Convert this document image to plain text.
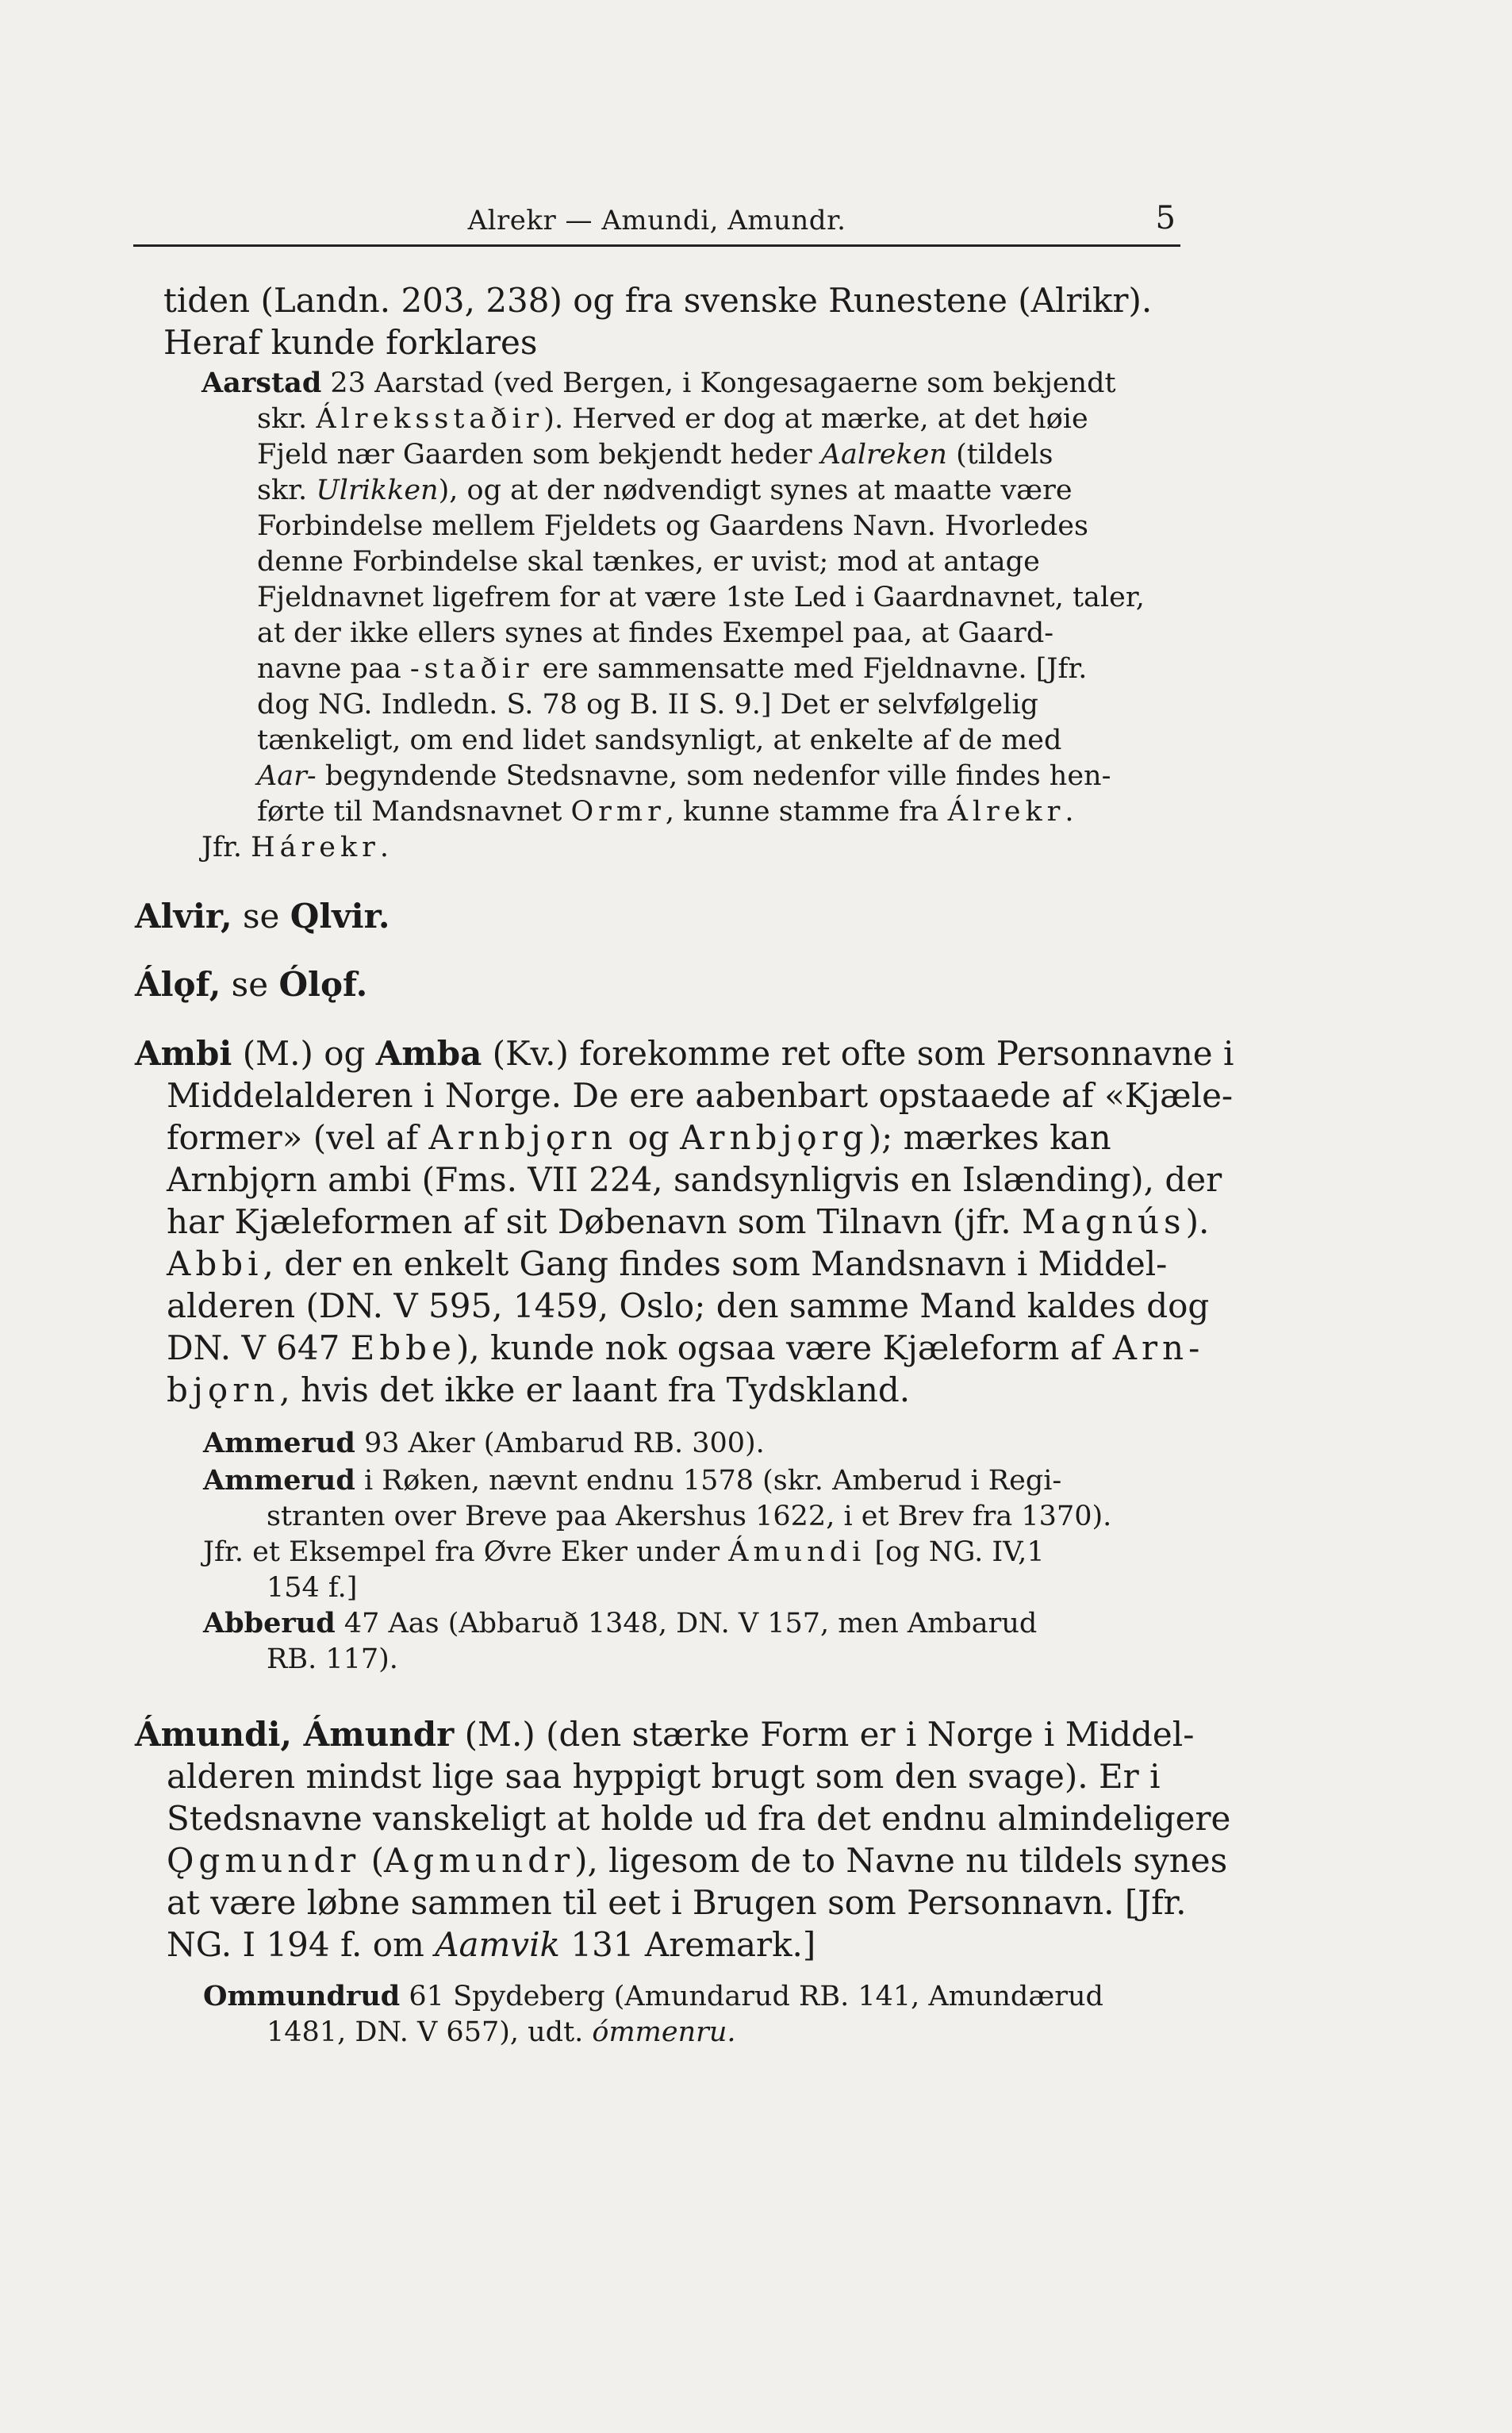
Alrekr — Amundi, Amundr.	5
tiden (Landn. 203, 238) og fra svenske Runestene (Alrikr).
Heraf kunde forklares
Aarstad 23 Aarstad (ved Bergen, i Kongesagaerne som bekjendt
skr. Álreksstaðir). Herved er dog at mærke, at det høie
Fjeld nær Gaarden som bekjendt heder Aalreken (tildels
skr. Ulrikken), og at der nødvendigt synes at maatte være
Forbindelse mellem Fjeldets og Gaardens Navn. Hvorledes
denne Forbindelse skal tænkes, er uvist; mod at antage
Fjeldnavnet ligefrem for at være 1ste Led i Gaardnavnet, taler,
at der ikke ellers synes at findes Exempel paa, at Gaard-
navne paa -staðir ere sammensatte med Fjeldnavne. [Jfr.
dog NG. Indledn. S. 78 og B. II S. 9.] Det er selvfølgelig
tænkeligt, om end lidet sandsynligt, at enkelte af de med
Aar- begyndende Stedsnavne, som nedenfor ville findes hen-
førte til Mandsnavnet Ormr, kunne stamme fra Álrekr.
Jfr. Hárekr.
Alvir, se Qlvir.
Álǫf, se Ólǫf.
Ambi (M.) og Amba (Kv.) forekomme ret ofte som Personnavne i
Middelalderen i Norge. De ere aabenbart opstaaede af «Kjæle-
former» (vel af Arnbjǫrn og Arnbjǫrg); mærkes kan
Arnbjǫrn ambi (Fms. VII 224, sandsynligvis en Islænding), der
har Kjæleformen af sit Døbenavn som Tilnavn (jfr. Magnús).
Abbi, der en enkelt Gang findes som Mandsnavn i Middel-
alderen (DN. V 595, 1459, Oslo; den samme Mand kaldes dog
DN. V 647 Ebbe), kunde nok ogsaa være Kjæleform af Arn-
bjǫrn, hvis det ikke er laant fra Tydskland.
Ammerud 93 Aker (Ambarud RB. 300).
Ammerud i Røken, nævnt endnu 1578 (skr. Amberud i Regi-
stranten over Breve paa Akershus 1622, i et Brev fra 1370).
Jfr. et Eksempel fra Øvre Eker under Ámundi [og NG. IV,1
154 f.]
Abberud 47 Aas (Abbaruð 1348, DN. V 157, men Ambarud
RB. 117).
Ámundi, Ámundr (M.) (den stærke Form er i Norge i Middel-
alderen mindst lige saa hyppigt brugt som den svage). Er i
Stedsnavne vanskeligt at holde ud fra det endnu almindeligere
Ǫgmundr (Agmundr), ligesom de to Navne nu tildels synes
at være løbne sammen til eet i Brugen som Personnavn. [Jfr.
NG. I 194 f. om Aamvik 131 Aremark.]
Ommundrud 61 Spydeberg (Amundarud RB. 141, Amundærud
1481, DN. V 657), udt. ómmenru.
